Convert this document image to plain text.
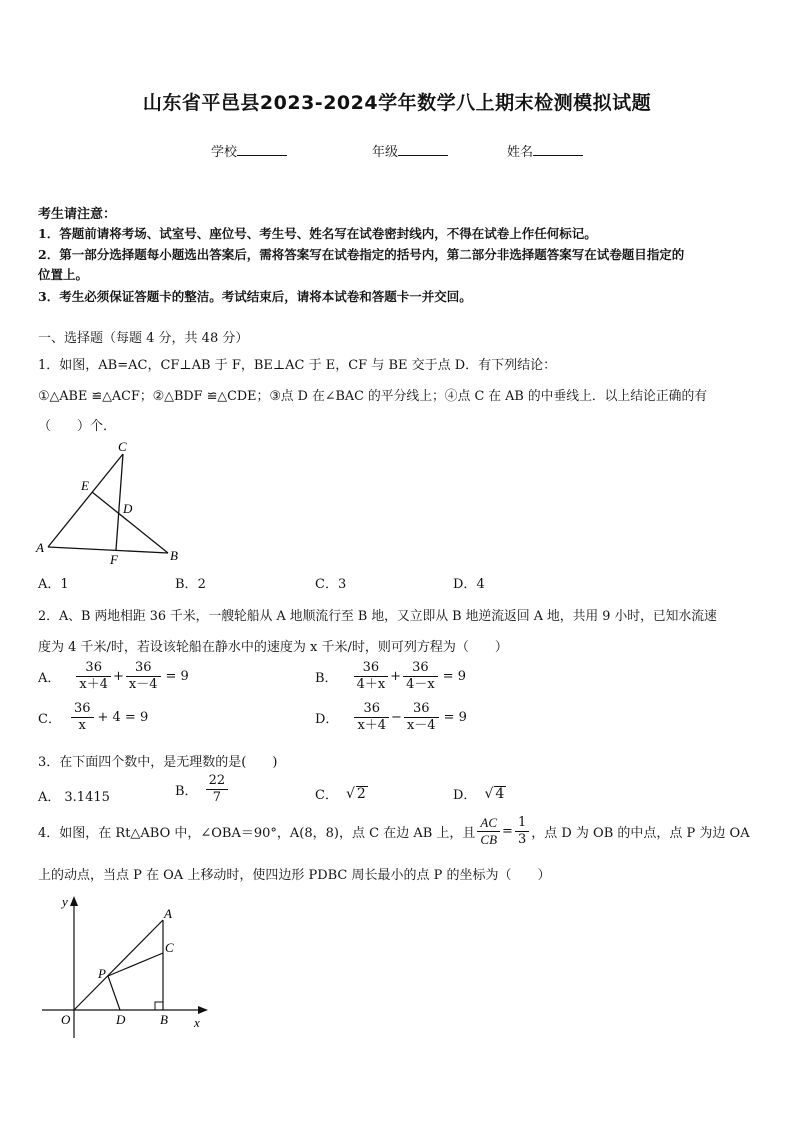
山东省平邑县2023-2024学年数学八上期末检测模拟试题
学校	年级	姓名
考生请注意：
1．答题前请将考场、试室号、座位号、考生号、姓名写在试卷密封线内，不得在试卷上作任何标记。
2．第一部分选择题每小题选出答案后，需将答案写在试卷指定的括号内，第二部分非选择题答案写在试卷题目指定的
位置上。
3．考生必须保证答题卡的整洁。考试结束后，请将本试卷和答题卡一并交回。
一、选择题（每题 4 分，共 48 分）
1．如图，AB=AC，CF⊥AB 于 F，BE⊥AC 于 E，CF 与 BE 交于点 D．有下列结论：
①△ABE ≌△ACF；②△BDF ≌△CDE；③点 D 在∠BAC 的平分线上；④点 C 在 AB 的中垂线上．以上结论正确的有
（　　）个．
C
E
D
A
F	B
A．1	B．2	C．3	D．4
2．A、B 两地相距 36 千米，一艘轮船从 A 地顺流行至 B 地，又立即从 B 地逆流返回 A 地，共用 9 小时，已知水流速
度为 4 千米/时，若设该轮船在静水中的速度为 x 千米/时，则可列方程为（　　）
A． $\frac{36}{x+4} + \frac{36}{x-4} = 9$	B． $\frac{36}{4+x} + \frac{36}{4-x} = 9$
C． $\frac{36}{x} + 4 = 9$	D． $\frac{36}{x+4} - \frac{36}{x-4} = 9$
3．在下面四个数中，是无理数的是(　　)
A． 3.1415	B． $\frac{22}{7}$	C． √ 2	D． √ 4
4．如图，在 Rt△ABO 中，∠OBA＝90°，A(8，8)，点 C 在边 AB 上，且 $\frac{AC}{CB} = \frac{1}{3}$ ，点 D 为 OB 的中点，点 P 为边 OA
上的动点，当点 P 在 OA 上移动时，使四边形 PDBC 周长最小的点 P 的坐标为（　　）
y
x
O
A
C
P
D	B
